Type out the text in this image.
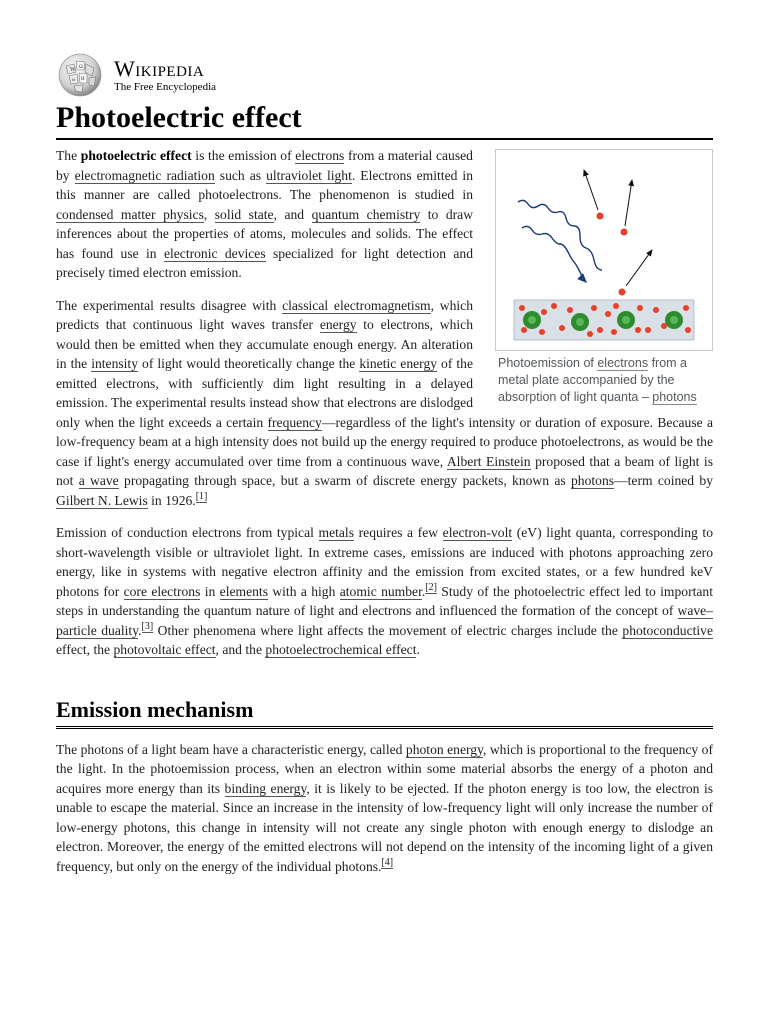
W Ω
И
ω Wikipedia
The Free Encyclopedia
Photoelectric effect
Photoemission of electrons from a metal plate accompanied by the absorption of light quanta – photons

The photoelectric effect is the emission of electrons from a material caused by electromagnetic radiation such as ultraviolet light. Electrons emitted in this manner are called photoelectrons. The phenomenon is studied in condensed matter physics, solid state, and quantum chemistry to draw inferences about the properties of atoms, molecules and solids. The effect has found use in electronic devices specialized for light detection and precisely timed electron emission.

The experimental results disagree with classical electromagnetism, which predicts that continuous light waves transfer energy to electrons, which would then be emitted when they accumulate enough energy. An alteration in the intensity of light would theoretically change the kinetic energy of the emitted electrons, with sufficiently dim light resulting in a delayed emission. The experimental results instead show that electrons are dislodged only when the light exceeds a certain frequency—regardless of the light's intensity or duration of exposure. Because a low-frequency beam at a high intensity does not build up the energy required to produce photoelectrons, as would be the case if light's energy accumulated over time from a continuous wave, Albert Einstein proposed that a beam of light is not a wave propagating through space, but a swarm of discrete energy packets, known as photons—term coined by Gilbert N. Lewis in 1926.[1]

Emission of conduction electrons from typical metals requires a few electron-volt (eV) light quanta, corresponding to short-wavelength visible or ultraviolet light. In extreme cases, emissions are induced with photons approaching zero energy, like in systems with negative electron affinity and the emission from excited states, or a few hundred keV photons for core electrons in elements with a high atomic number.[2] Study of the photoelectric effect led to important steps in understanding the quantum nature of light and electrons and influenced the formation of the concept of wave–particle duality.[3] Other phenomena where light affects the movement of electric charges include the photoconductive effect, the photovoltaic effect, and the photoelectrochemical effect.

Emission mechanism

The photons of a light beam have a characteristic energy, called photon energy, which is proportional to the frequency of the light. In the photoemission process, when an electron within some material absorbs the energy of a photon and acquires more energy than its binding energy, it is likely to be ejected. If the photon energy is too low, the electron is unable to escape the material. Since an increase in the intensity of low-frequency light will only increase the number of low-energy photons, this change in intensity will not create any single photon with enough energy to dislodge an electron. Moreover, the energy of the emitted electrons will not depend on the intensity of the incoming light of a given frequency, but only on the energy of the individual photons.[4]
